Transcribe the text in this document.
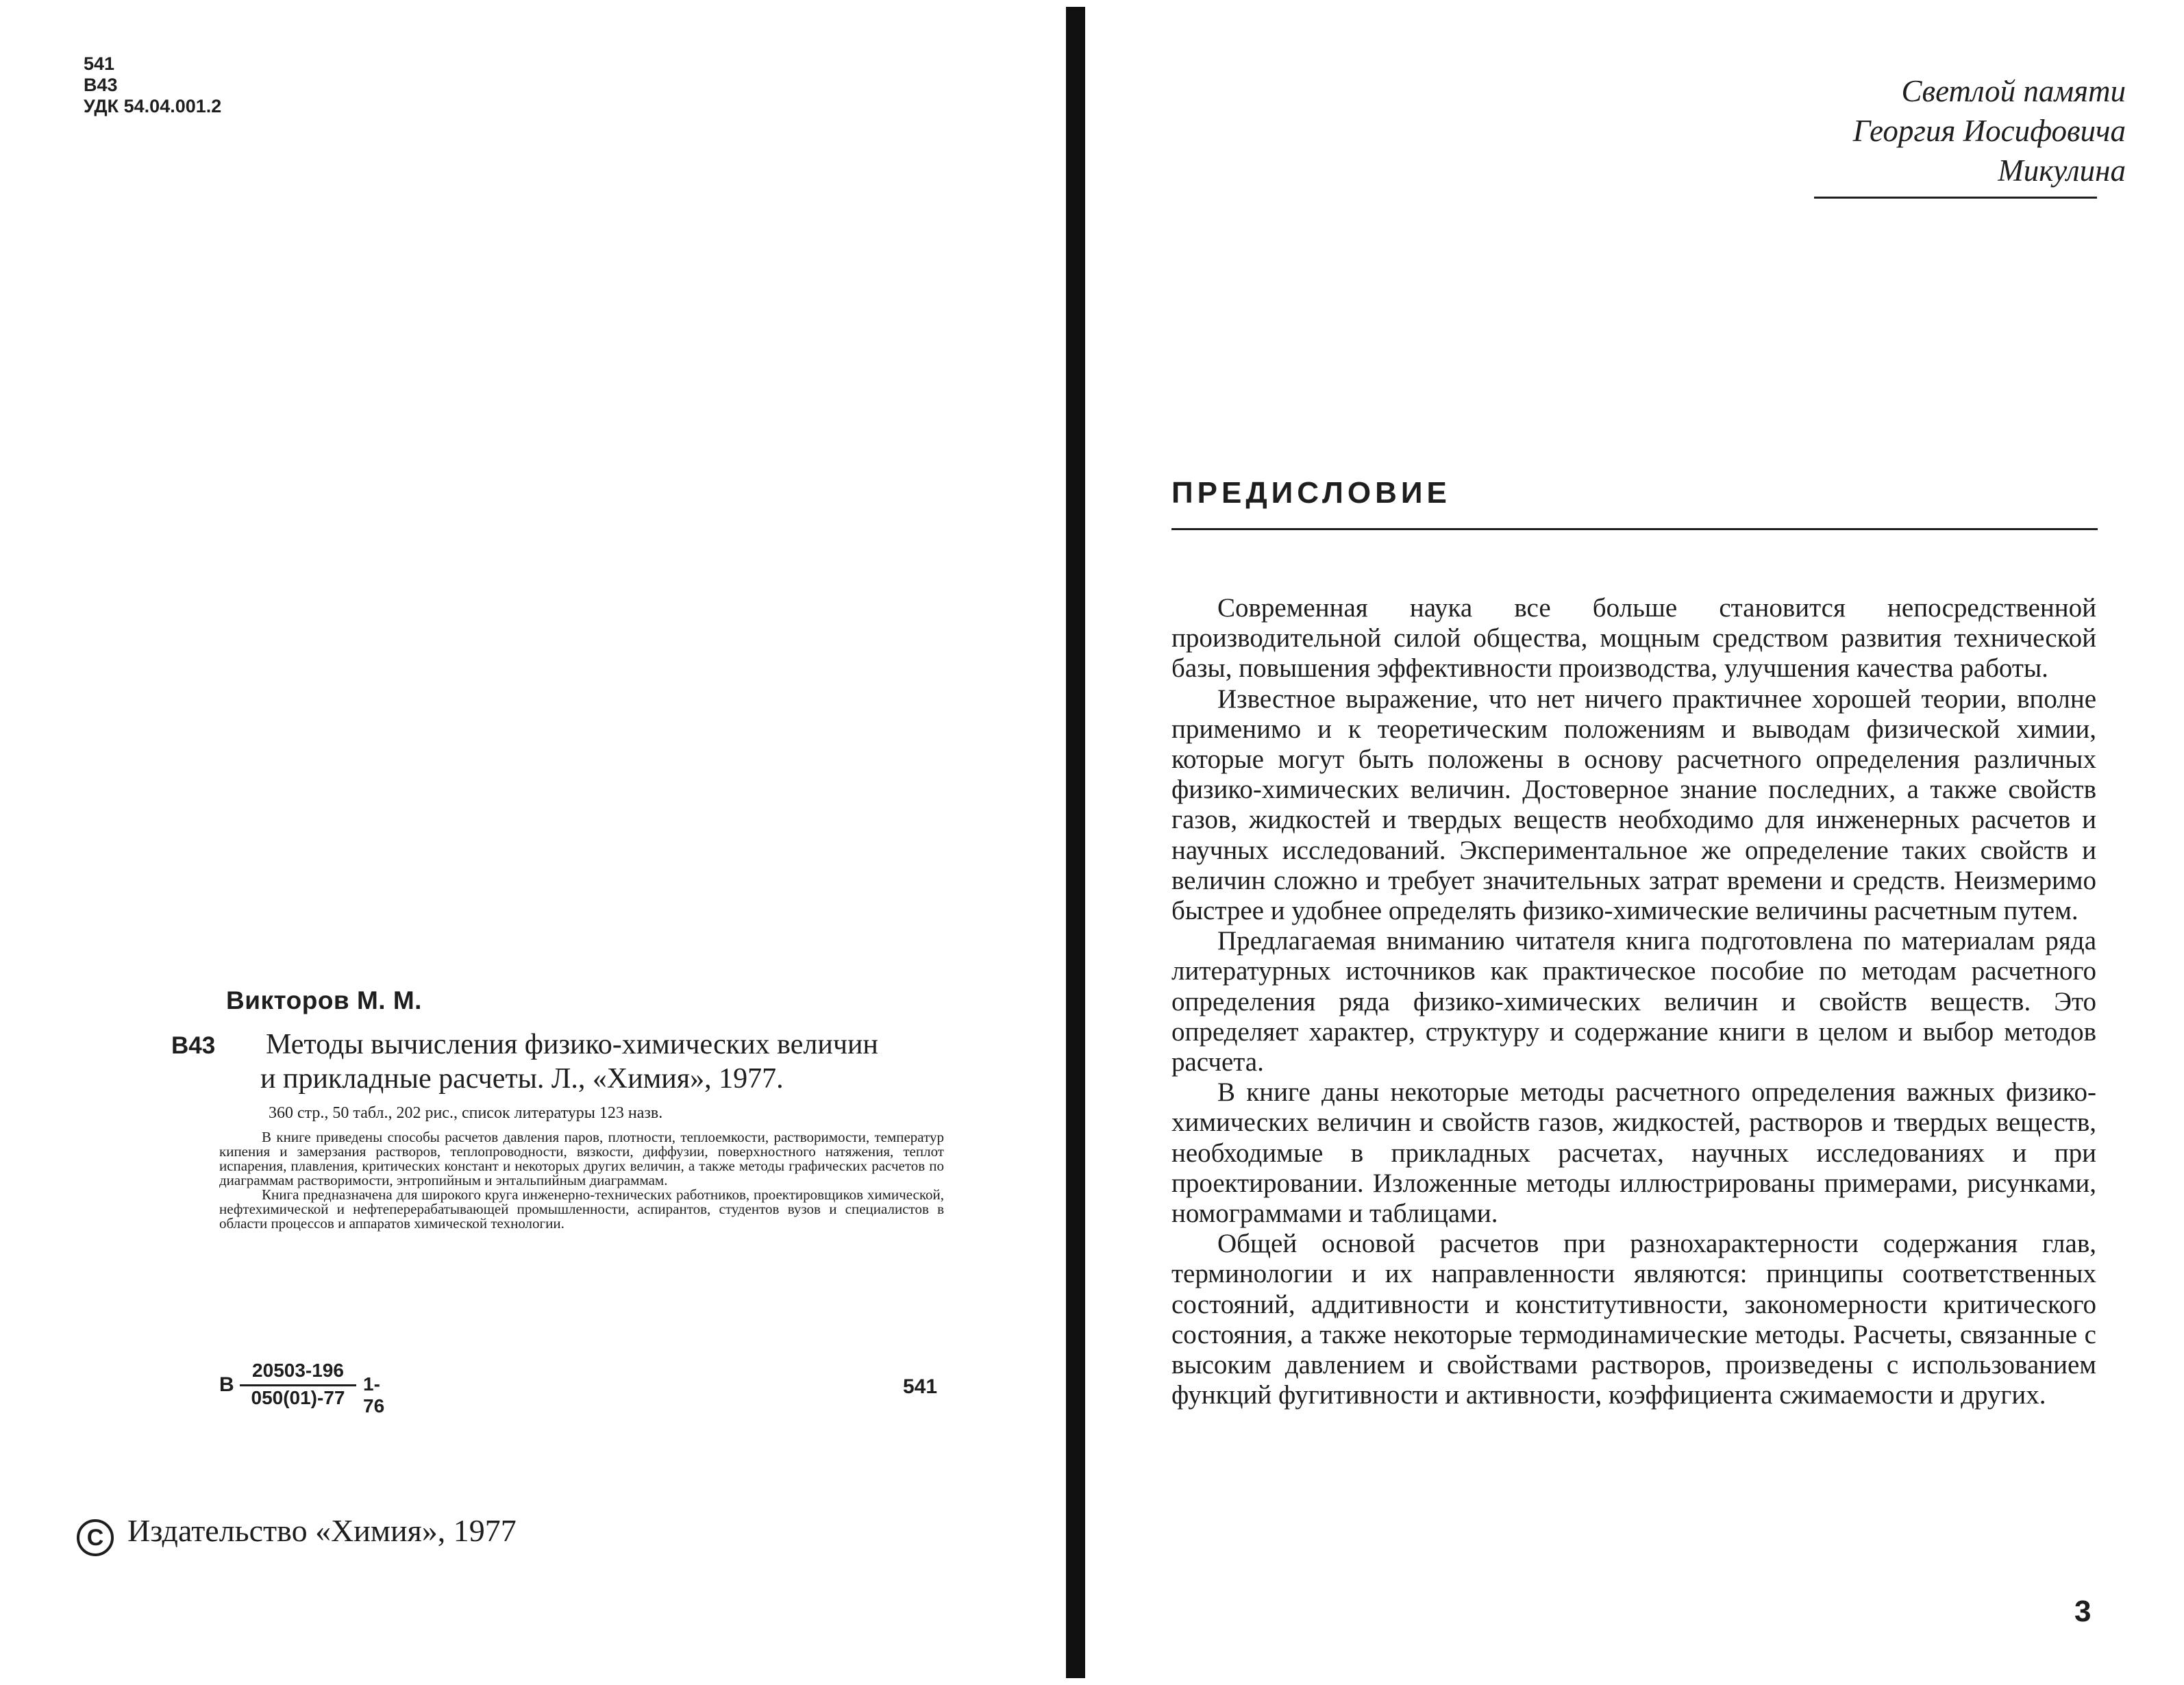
541
В43
УДК 54.04.001.2
Викторов М. М.
В43 Методы вычисления физико-химических величин
и прикладные расчеты. Л., «Химия», 1977.

360 стр., 50 табл., 202 рис., список литературы 123 назв.

В книге приведены способы расчетов давления паров, плотности, теплоемкости, растворимости, температур кипения и замерзания растворов, теплопроводности, вязкости, диффузии, поверхностного натяжения, теплот испарения, плавления, критических констант и некоторых других величин, а также методы графических расчетов по диаграммам растворимости, энтропийным и энтальпийным диаграммам.

Книга предназначена для широкого круга инженерно-технических работников, проектировщиков химической, нефтехимической и нефтеперерабатывающей промышленности, аспирантов, студентов вузов и специалистов в области процессов и аппаратов химической технологии.

В
20503-196
050(01)-77
1-76
541
C Издательство «Химия», 1977
Светлой памяти
Георгия Иосифовича
Микулина
ПРЕДИСЛОВИЕ

Современная наука все больше становится непосредственной производительной силой общества, мощным средством развития технической базы, повышения эффективности производства, улучшения качества работы.

Известное выражение, что нет ничего практичнее хорошей теории, вполне применимо и к теоретическим положениям и выводам физической химии, которые могут быть положены в основу расчетного определения различных физико-химических величин. Достоверное знание последних, а также свойств газов, жидкостей и твердых веществ необходимо для инженерных расчетов и научных исследований. Экспериментальное же определение таких свойств и величин сложно и требует значительных затрат времени и средств. Неизмеримо быстрее и удобнее определять физико-химические величины расчетным путем.

Предлагаемая вниманию читателя книга подготовлена по материалам ряда литературных источников как практическое пособие по методам расчетного определения ряда физико-химических величин и свойств веществ. Это определяет характер, структуру и содержание книги в целом и выбор методов расчета.

В книге даны некоторые методы расчетного определения важных физико-химических величин и свойств газов, жидкостей, растворов и твердых веществ, необходимые в прикладных расчетах, научных исследованиях и при проектировании. Изложенные методы иллюстрированы примерами, рисунками, номограммами и таблицами.

Общей основой расчетов при разнохарактерности содержания глав, терминологии и их направленности являются: принципы соответственных состояний, аддитивности и конститутивности, закономерности критического состояния, а также некоторые термодинамические методы. Расчеты, связанные с высоким давлением и свойствами растворов, произведены с использованием функций фугитивности и активности, коэффициента сжимаемости и других.

3
